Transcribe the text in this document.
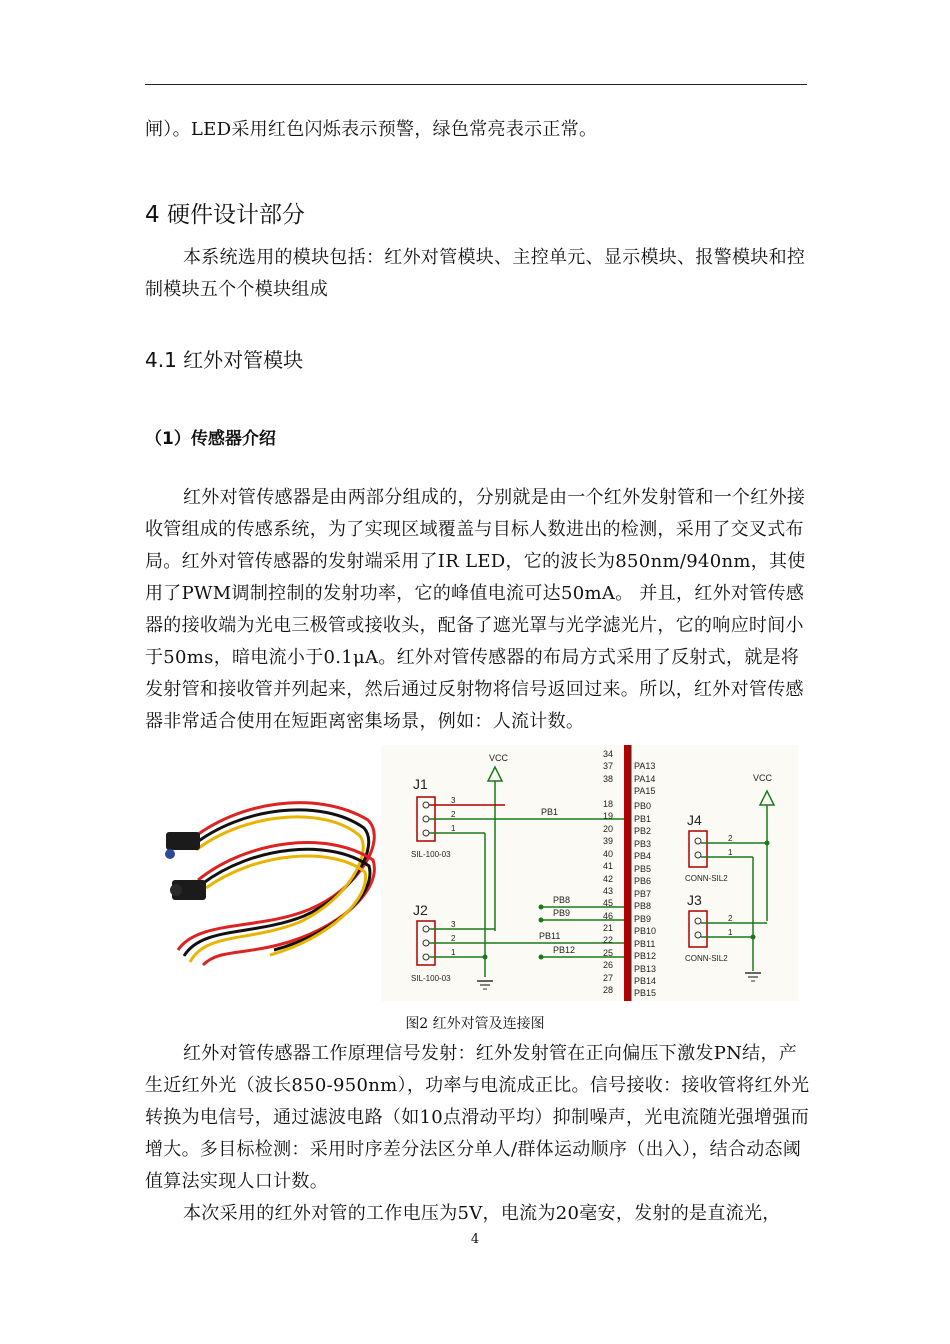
闸）。LED采用红色闪烁表示预警，绿色常亮表示正常。

4 硬件设计部分

本系统选用的模块包括：红外对管模块、主控单元、显示模块、报警模块和控制模块五个个模块组成

4.1 红外对管模块
（1）传感器介绍

红外对管传感器是由两部分组成的，分别就是由一个红外发射管和一个红外接收管组成的传感系统，为了实现区域覆盖与目标人数进出的检测，采用了交叉式布局。红外对管传感器的发射端采用了IR LED，它的波长为850nm/940nm，其使用了PWM调制控制的发射功率，它的峰值电流可达50mA。 并且，红外对管传感器的接收端为光电三极管或接收头，配备了遮光罩与光学滤光片，它的响应时间小于50ms，暗电流小于0.1μA。红外对管传感器的布局方式采用了反射式，就是将发射管和接收管并列起来，然后通过反射物将信号返回过来。所以，红外对管传感器非常适合使用在短距离密集场景，例如：人流计数。

VCC
J1
SIL-100-03
3
2
1
PB1
J2
SIL-100-03
3
2
1
PB11
PB12
PB8
PB9
34
PA13
37
PA14
38
PA15
18 PB0
19 PB1
20 PB2
39 PB3
40 PB4
41 PB5
42 PB6
43 PB7
45 PB8
46 PB9
21 PB10
22 PB11
25 PB12
26 PB13
27 PB14
28 PB15
VCC
J4
2
1
CONN-SIL2
J3
2
1
CONN-SIL2
图2 红外对管及连接图

红外对管传感器工作原理信号发射：红外发射管在正向偏压下激发PN结，产生近红外光（波长850-950nm），功率与电流成正比。信号接收：接收管将红外光转换为电信号，通过滤波电路（如10点滑动平均）抑制噪声，光电流随光强增强而增大。多目标检测：采用时序差分法区分单人/群体运动顺序（出入），结合动态阈值算法实现人口计数。

本次采用的红外对管的工作电压为5V，电流为20毫安，发射的是直流光，

4
